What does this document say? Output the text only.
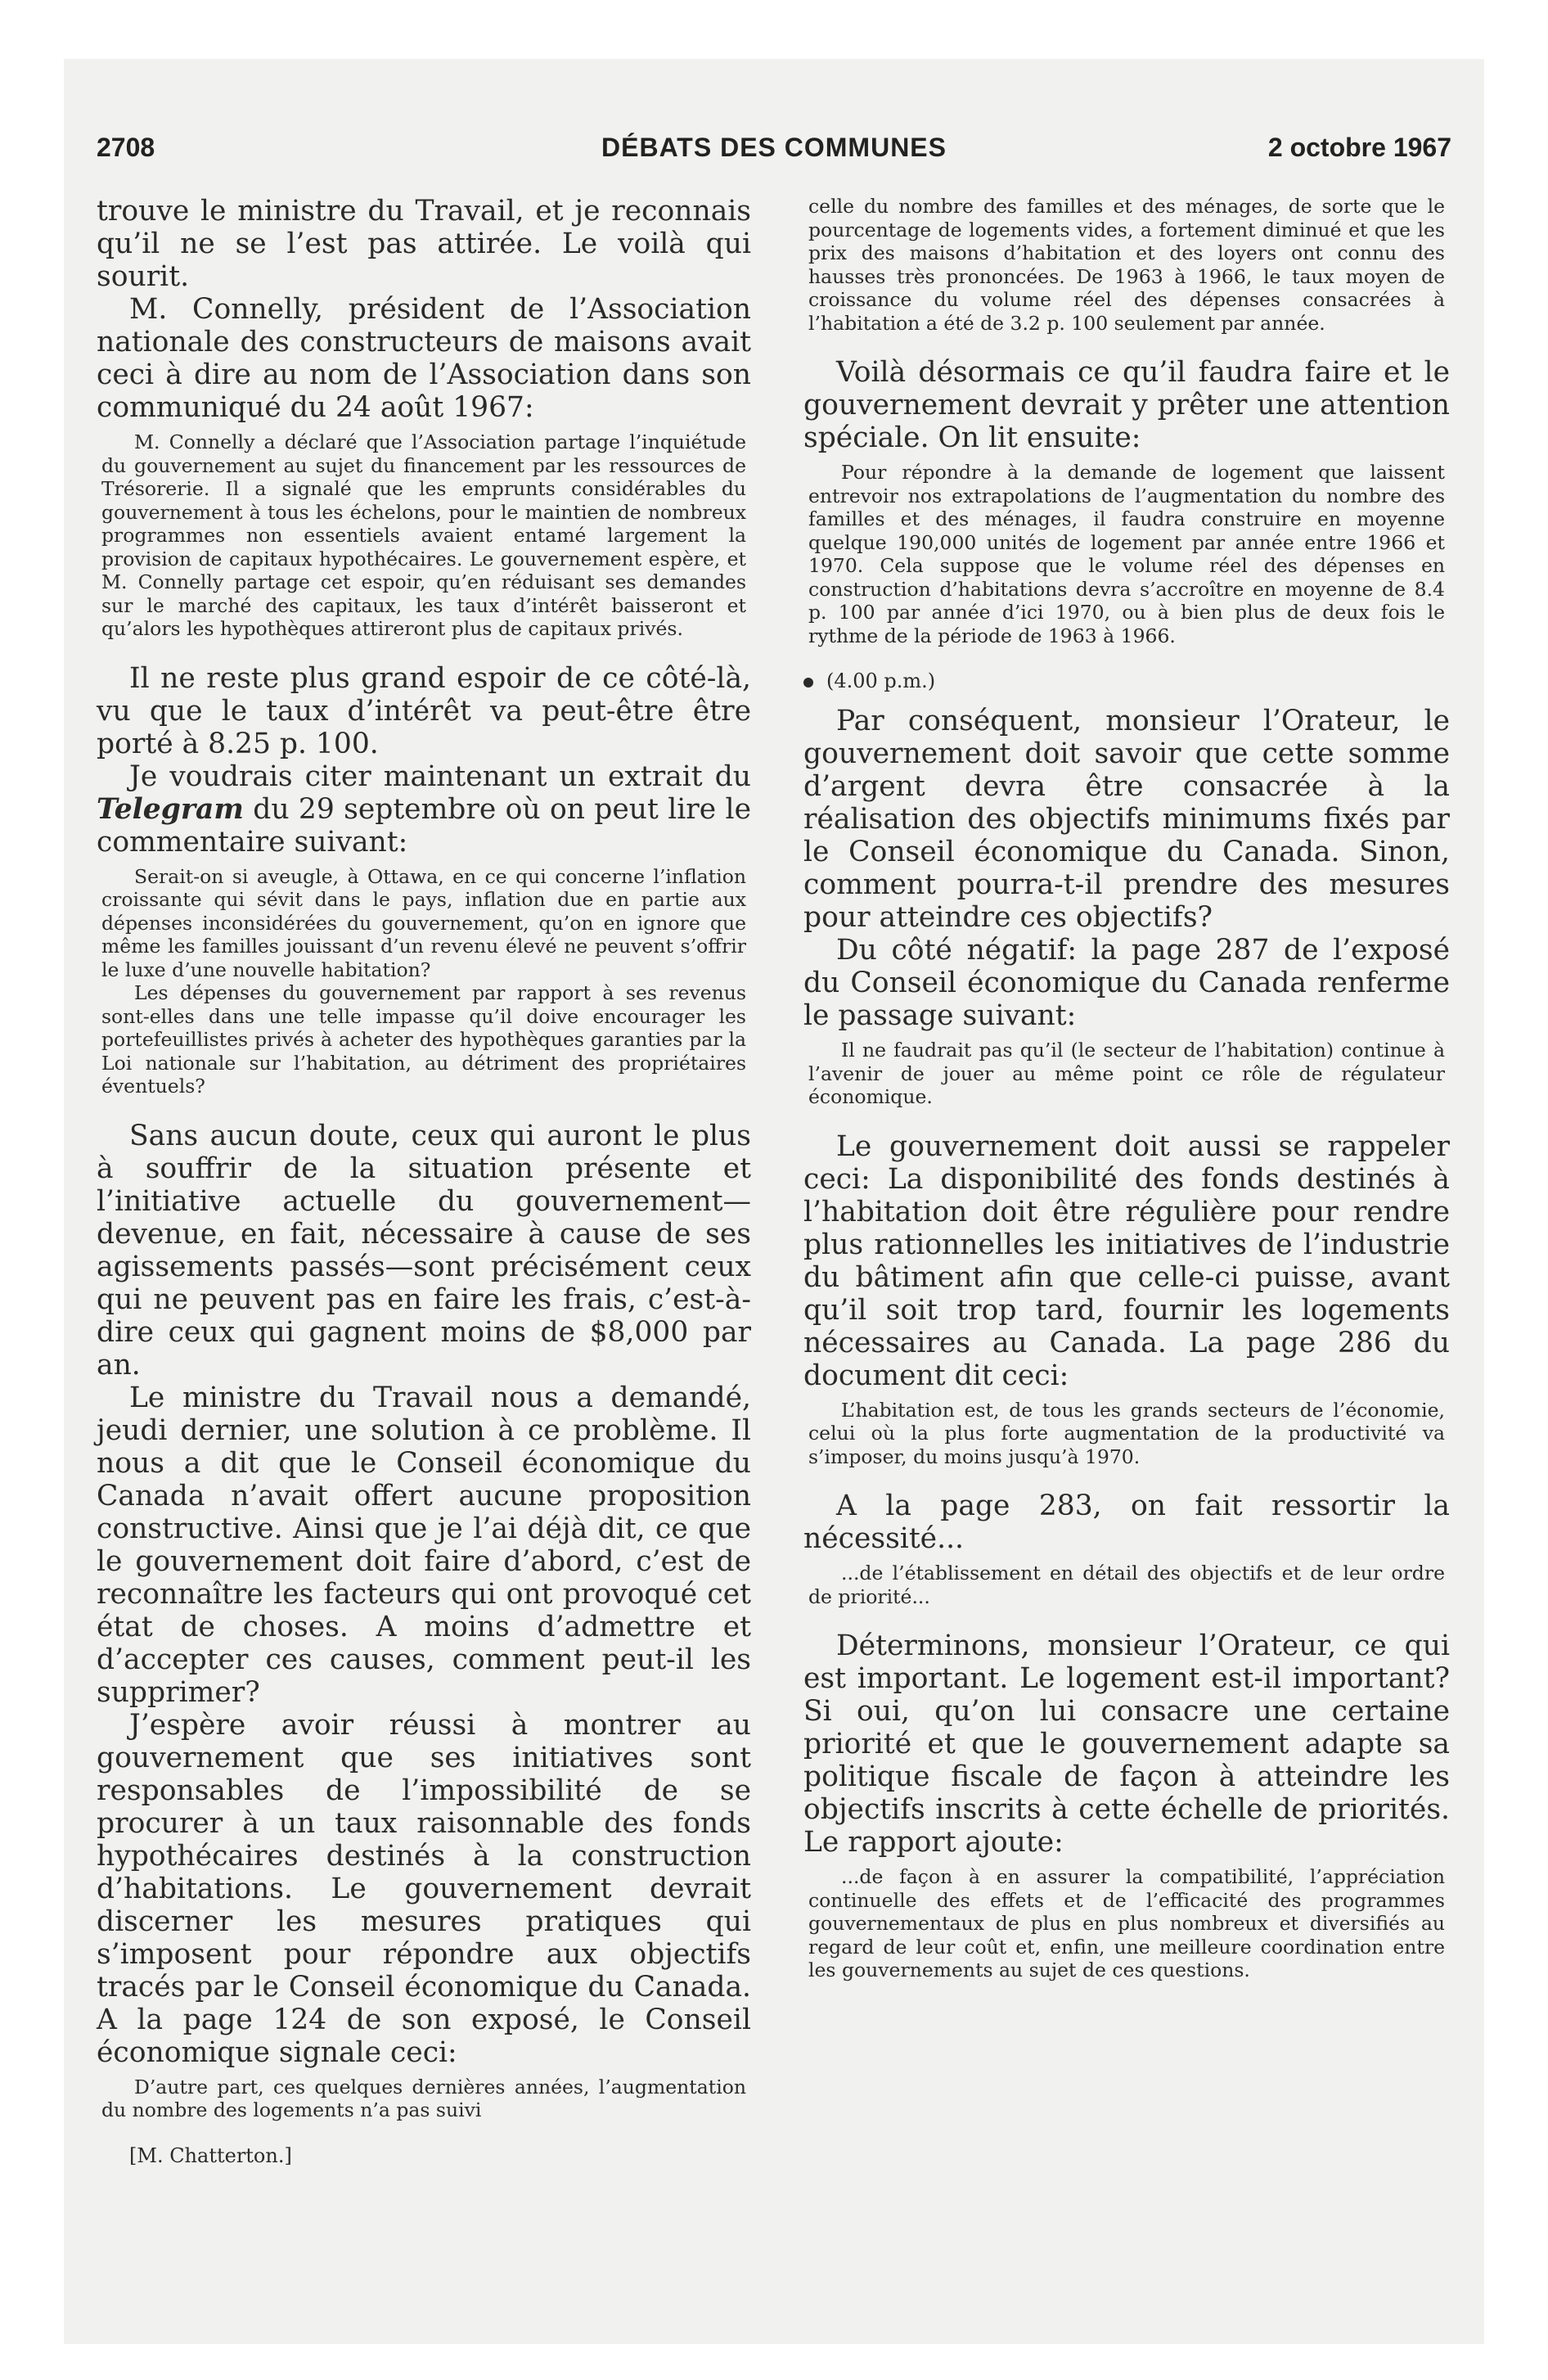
2708	DÉBATS DES COMMUNES	2 octobre 1967

trouve le ministre du Travail, et je reconnais qu’il ne se l’est pas attirée. Le voilà qui sourit.

M. Connelly, président de l’Association nationale des constructeurs de maisons avait ceci à dire au nom de l’Association dans son communiqué du 24 août 1967:

M. Connelly a déclaré que l’Association partage l’inquiétude du gouvernement au sujet du financement par les ressources de Trésorerie. Il a signalé que les emprunts considérables du gouvernement à tous les échelons, pour le maintien de nombreux programmes non essentiels avaient entamé largement la provision de capitaux hypothécaires. Le gouvernement espère, et M. Connelly partage cet espoir, qu’en réduisant ses demandes sur le marché des capitaux, les taux d’intérêt baisseront et qu’alors les hypothèques attireront plus de capitaux privés.

Il ne reste plus grand espoir de ce côté-là, vu que le taux d’intérêt va peut-être être porté à 8.25 p. 100.

Je voudrais citer maintenant un extrait du Telegram du 29 septembre où on peut lire le commentaire suivant:

Serait-on si aveugle, à Ottawa, en ce qui concerne l’inflation croissante qui sévit dans le pays, inflation due en partie aux dépenses inconsidérées du gouvernement, qu’on en ignore que même les familles jouissant d’un revenu élevé ne peuvent s’offrir le luxe d’une nouvelle habitation?

Les dépenses du gouvernement par rapport à ses revenus sont-elles dans une telle impasse qu’il doive encourager les portefeuillistes privés à acheter des hypothèques garanties par la Loi nationale sur l’habitation, au détriment des propriétaires éventuels?

Sans aucun doute, ceux qui auront le plus à souffrir de la situation présente et l’initiative actuelle du gouvernement—devenue, en fait, nécessaire à cause de ses agissements passés—sont précisément ceux qui ne peuvent pas en faire les frais, c’est-à-dire ceux qui gagnent moins de $8,000 par an.

Le ministre du Travail nous a demandé, jeudi dernier, une solution à ce problème. Il nous a dit que le Conseil économique du Canada n’avait offert aucune proposition constructive. Ainsi que je l’ai déjà dit, ce que le gouvernement doit faire d’abord, c’est de reconnaître les facteurs qui ont provoqué cet état de choses. A moins d’admettre et d’accepter ces causes, comment peut-il les supprimer?

J’espère avoir réussi à montrer au gouvernement que ses initiatives sont responsables de l’impossibilité de se procurer à un taux raisonnable des fonds hypothécaires destinés à la construction d’habitations. Le gouvernement devrait discerner les mesures pratiques qui s’imposent pour répondre aux objectifs tracés par le Conseil économique du Canada. A la page 124 de son exposé, le Conseil économique signale ceci:

D’autre part, ces quelques dernières années, l’augmentation du nombre des logements n’a pas suivi

[M. Chatterton.]

celle du nombre des familles et des ménages, de sorte que le pourcentage de logements vides, a fortement diminué et que les prix des maisons d’habitation et des loyers ont connu des hausses très prononcées. De 1963 à 1966, le taux moyen de croissance du volume réel des dépenses consacrées à l’habitation a été de 3.2 p. 100 seulement par année.

Voilà désormais ce qu’il faudra faire et le gouvernement devrait y prêter une attention spéciale. On lit ensuite:

Pour répondre à la demande de logement que laissent entrevoir nos extrapolations de l’augmentation du nombre des familles et des ménages, il faudra construire en moyenne quelque 190,000 unités de logement par année entre 1966 et 1970. Cela suppose que le volume réel des dépenses en construction d’habitations devra s’accroître en moyenne de 8.4 p. 100 par année d’ici 1970, ou à bien plus de deux fois le rythme de la période de 1963 à 1966.

(4.00 p.m.)

Par conséquent, monsieur l’Orateur, le gouvernement doit savoir que cette somme d’argent devra être consacrée à la réalisation des objectifs minimums fixés par le Conseil économique du Canada. Sinon, comment pourra-t-il prendre des mesures pour atteindre ces objectifs?

Du côté négatif: la page 287 de l’exposé du Conseil économique du Canada renferme le passage suivant:

Il ne faudrait pas qu’il (le secteur de l’habitation) continue à l’avenir de jouer au même point ce rôle de régulateur économique.

Le gouvernement doit aussi se rappeler ceci: La disponibilité des fonds destinés à l’habitation doit être régulière pour rendre plus rationnelles les initiatives de l’industrie du bâtiment afin que celle-ci puisse, avant qu’il soit trop tard, fournir les logements nécessaires au Canada. La page 286 du document dit ceci:

L’habitation est, de tous les grands secteurs de l’économie, celui où la plus forte augmentation de la productivité va s’imposer, du moins jusqu’à 1970.

A la page 283, on fait ressortir la nécessité...

...de l’établissement en détail des objectifs et de leur ordre de priorité...

Déterminons, monsieur l’Orateur, ce qui est important. Le logement est-il important? Si oui, qu’on lui consacre une certaine priorité et que le gouvernement adapte sa politique fiscale de façon à atteindre les objectifs inscrits à cette échelle de priorités. Le rapport ajoute:

...de façon à en assurer la compatibilité, l’appréciation continuelle des effets et de l’efficacité des programmes gouvernementaux de plus en plus nombreux et diversifiés au regard de leur coût et, enfin, une meilleure coordination entre les gouvernements au sujet de ces questions.
